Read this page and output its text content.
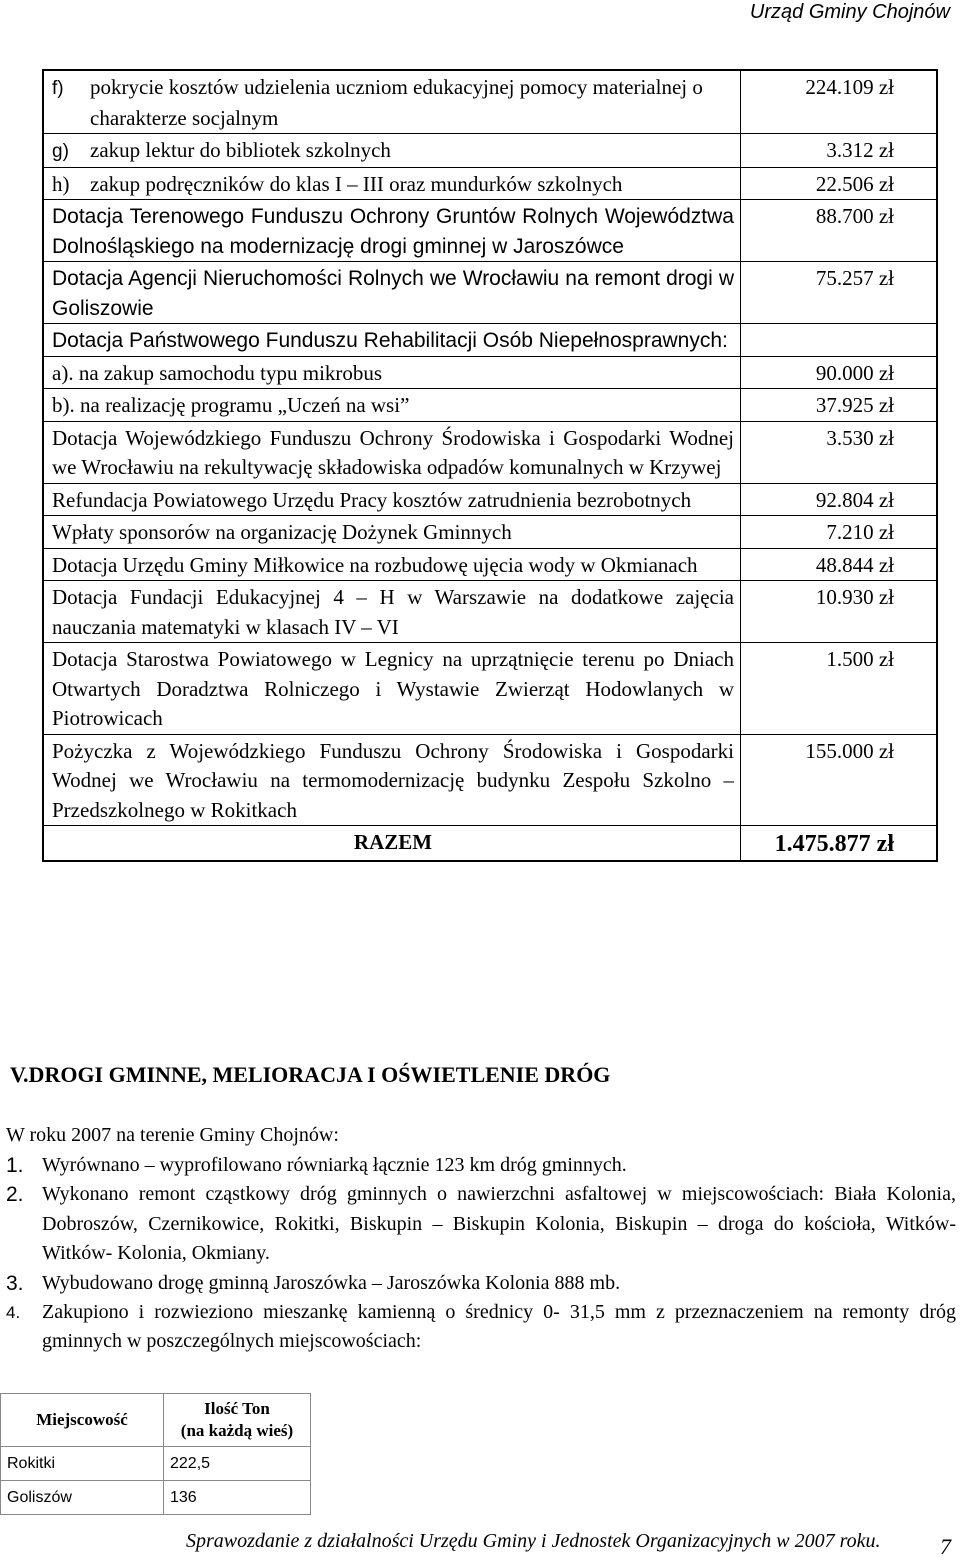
Urząd Gminy Chojnów
f) pokrycie kosztów udzielenia uczniom edukacyjnej pomocy materialnej o charakterze socjalnym	224.109 zł

g) zakup lektur do bibliotek szkolnych	3.312 zł

h) zakup podręczników do klas I – III oraz mundurków szkolnych	22.506 zł
Dotacja Terenowego Funduszu Ochrony Gruntów Rolnych Województwa Dolnośląskiego na modernizację drogi gminnej w Jaroszówce	88.700 zł
Dotacja Agencji Nieruchomości Rolnych we Wrocławiu na remont drogi w Goliszowie	75.257 zł
Dotacja Państwowego Funduszu Rehabilitacji Osób Niepełnosprawnych:	
a). na zakup samochodu typu mikrobus	90.000 zł
b). na realizację programu „Uczeń na wsi”	37.925 zł
Dotacja Wojewódzkiego Funduszu Ochrony Środowiska i Gospodarki Wodnej we Wrocławiu na rekultywację składowiska odpadów komunalnych w Krzywej	3.530 zł
Refundacja Powiatowego Urzędu Pracy kosztów zatrudnienia bezrobotnych	92.804 zł
Wpłaty sponsorów na organizację Dożynek Gminnych	7.210 zł
Dotacja Urzędu Gminy Miłkowice na rozbudowę ujęcia wody w Okmianach	48.844 zł
Dotacja Fundacji Edukacyjnej 4 – H w Warszawie na dodatkowe zajęcia nauczania matematyki w klasach IV – VI	10.930 zł
Dotacja Starostwa Powiatowego w Legnicy na uprzątnięcie terenu po Dniach Otwartych Doradztwa Rolniczego i Wystawie Zwierząt Hodowlanych w Piotrowicach	1.500 zł
Pożyczka z Wojewódzkiego Funduszu Ochrony Środowiska i Gospodarki Wodnej we Wrocławiu na termomodernizację budynku Zespołu Szkolno – Przedszkolnego w Rokitkach	155.000 zł
RAZEM	1.475.877 zł
V.DROGI GMINNE, MELIORACJA I OŚWIETLENIE DRÓG

W roku 2007 na terenie Gminy Chojnów:

1. Wyrównano – wyprofilowano równiarką łącznie 123 km dróg gminnych.
2. Wykonano remont cząstkowy dróg gminnych o nawierzchni asfaltowej w miejscowościach: Biała Kolonia, Dobroszów, Czernikowice, Rokitki, Biskupin – Biskupin Kolonia, Biskupin – droga do kościoła, Witków- Witków- Kolonia, Okmiany.
3. Wybudowano drogę gminną Jaroszówka – Jaroszówka Kolonia 888 mb.
4.	Zakupiono i rozwieziono mieszankę kamienną o średnicy 0- 31,5 mm z przeznaczeniem na remonty dróg gminnych w poszczególnych miejscowościach:
Miejscowość	Ilość Ton
(na każdą wieś)
Rokitki	222,5
Goliszów	136
Sprawozdanie z działalności Urzędu Gminy i Jednostek Organizacyjnych w 2007 roku.	7
